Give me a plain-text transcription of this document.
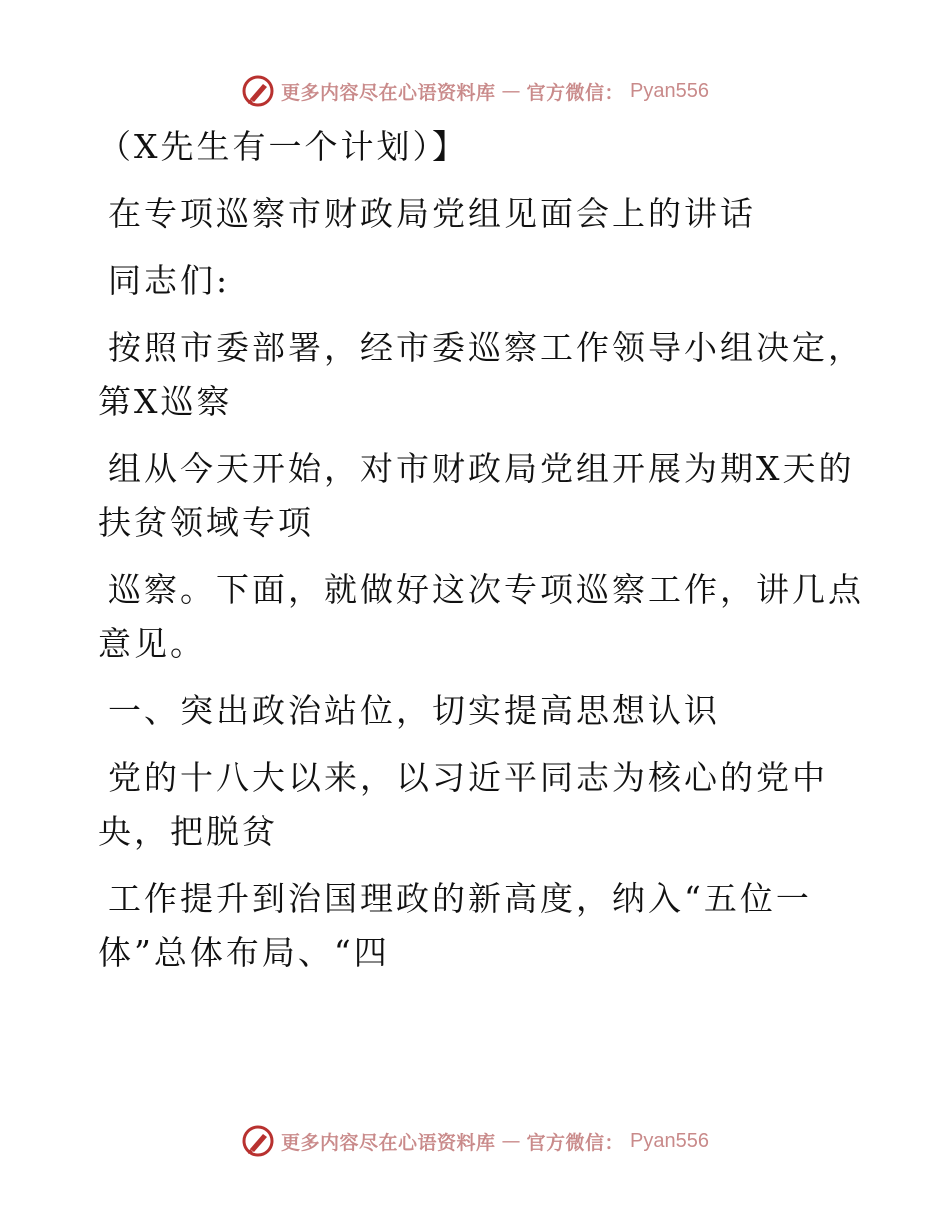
更多内容尽在心语资料库 — 官方微信： Pyan556
（X先生有一个计划）】
在专项巡察市财政局党组见面会上的讲话
同志们:
按照市委部署，经市委巡察工作领导小组决定，
第X巡察
组从今天开始，对市财政局党组开展为期X天的
扶贫领域专项
巡察。下面，就做好这次专项巡察工作，讲几点
意见。
一、突出政治站位，切实提高思想认识
党的十八大以来，以习近平同志为核心的党中
央，把脱贫
工作提升到治国理政的新高度，纳入“五位一
体”总体布局、“四
更多内容尽在心语资料库 — 官方微信： Pyan556
